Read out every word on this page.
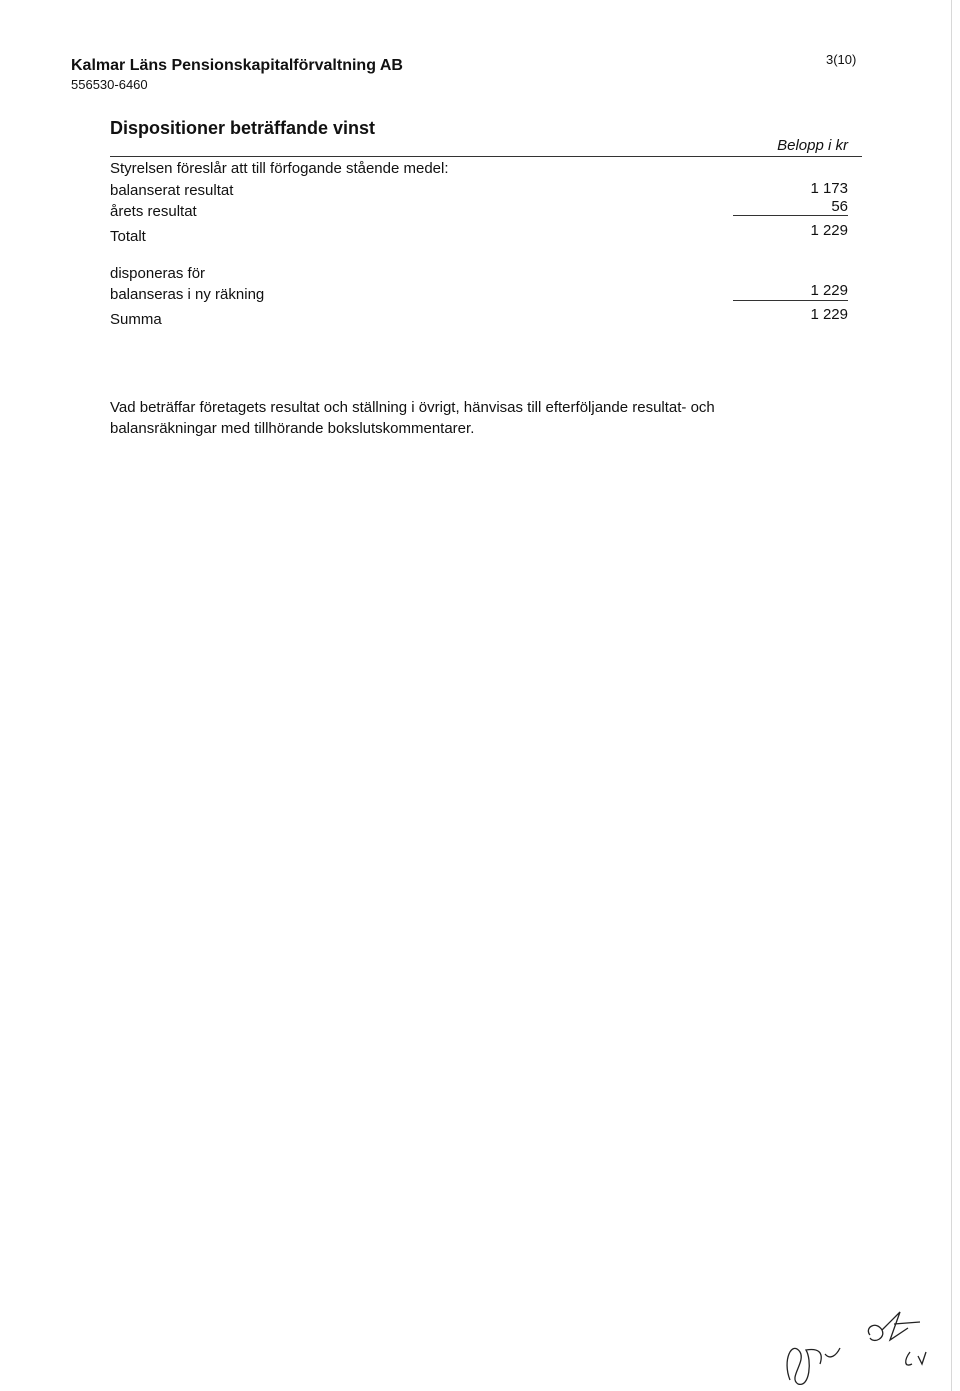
Kalmar Läns Pensionskapitalförvaltning AB
556530-6460
3(10)
Dispositioner beträffande vinst
Belopp i kr
Styrelsen föreslår att till förfogande stående medel:
balanserat resultat	1 173
årets resultat	56
Totalt	1 229
disponeras för
balanseras i ny räkning	1 229
Summa	1 229
Vad beträffar företagets resultat och ställning i övrigt, hänvisas till efterföljande resultat- och
balansräkningar med tillhörande bokslutskommentarer.
